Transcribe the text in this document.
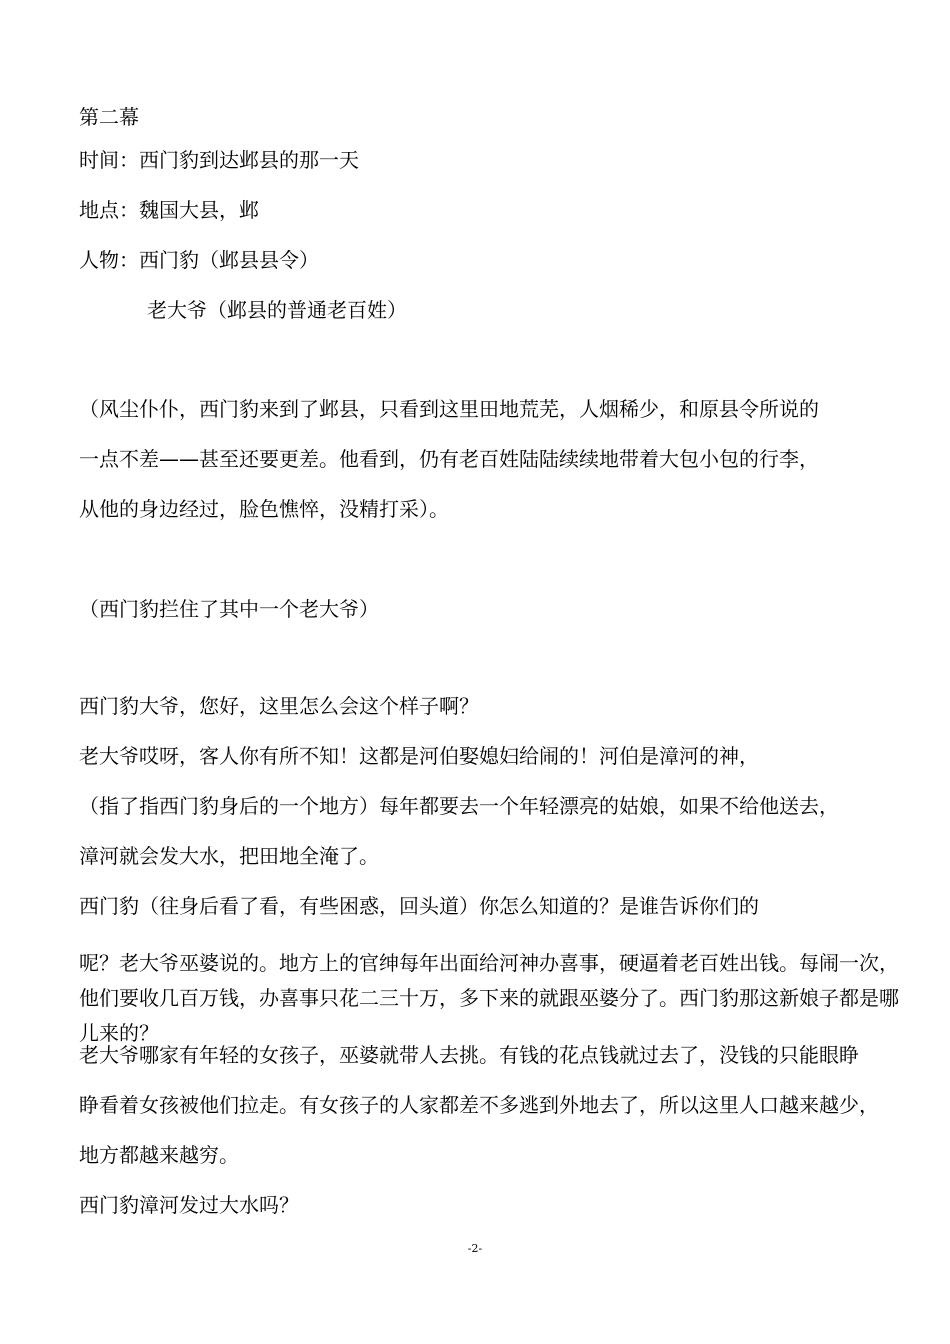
第二幕

时间：西门豹到达邺县的那一天

地点：魏国大县，邺

人物：西门豹（邺县县令）

老大爷（邺县的普通老百姓）

（风尘仆仆，西门豹来到了邺县，只看到这里田地荒芜，人烟稀少，和原县令所说的

一点不差——甚至还要更差。他看到，仍有老百姓陆陆续续地带着大包小包的行李，

从他的身边经过，脸色憔悴，没精打采）。

（西门豹拦住了其中一个老大爷）

西门豹大爷，您好，这里怎么会这个样子啊？

老大爷哎呀，客人你有所不知！这都是河伯娶媳妇给闹的！河伯是漳河的神，

（指了指西门豹身后的一个地方）每年都要去一个年轻漂亮的姑娘，如果不给他送去，

漳河就会发大水，把田地全淹了。

西门豹（往身后看了看，有些困惑，回头道）你怎么知道的？是谁告诉你们的

呢？老大爷巫婆说的。地方上的官绅每年出面给河神办喜事，硬逼着老百姓出钱。每闹一次，他们要收几百万钱，办喜事只花二三十万，多下来的就跟巫婆分了。西门豹那这新娘子都是哪儿来的？

老大爷哪家有年轻的女孩子，巫婆就带人去挑。有钱的花点钱就过去了，没钱的只能眼睁

睁看着女孩被他们拉走。有女孩子的人家都差不多逃到外地去了，所以这里人口越来越少，

地方都越来越穷。

西门豹漳河发过大水吗？

-2-
